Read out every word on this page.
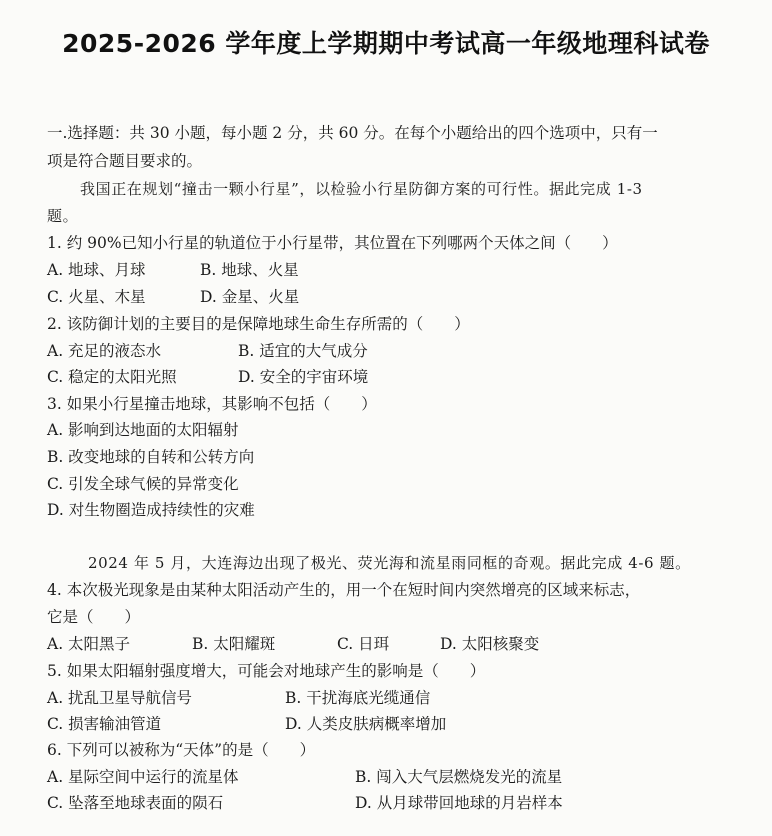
2025-2026 学年度上学期期中考试高一年级地理科试卷
一.选择题：共 30 小题，每小题 2 分，共 60 分。在每个小题给出的四个选项中，只有一
项是符合题目要求的。
我国正在规划“撞击一颗小行星”，以检验小行星防御方案的可行性。据此完成 1-3
题。
1. 约 90%已知小行星的轨道位于小行星带，其位置在下列哪两个天体之间（　　）
A. 地球、月球	B. 地球、火星
C. 火星、木星	D. 金星、火星
2. 该防御计划的主要目的是保障地球生命生存所需的（　　）
A. 充足的液态水	B. 适宜的大气成分
C. 稳定的太阳光照	D. 安全的宇宙环境
3. 如果小行星撞击地球，其影响不包括（　　）
A. 影响到达地面的太阳辐射
B. 改变地球的自转和公转方向
C. 引发全球气候的异常变化
D. 对生物圈造成持续性的灾难
2024 年 5 月，大连海边出现了极光、荧光海和流星雨同框的奇观。据此完成 4-6 题。
4. 本次极光现象是由某种太阳活动产生的，用一个在短时间内突然增亮的区域来标志，
它是（　　）
A. 太阳黑子	B. 太阳耀斑	C. 日珥	D. 太阳核聚变
5. 如果太阳辐射强度增大，可能会对地球产生的影响是（　　）
A. 扰乱卫星导航信号	B. 干扰海底光缆通信
C. 损害输油管道	D. 人类皮肤病概率增加
6. 下列可以被称为“天体”的是（　　）
A. 星际空间中运行的流星体	B. 闯入大气层燃烧发光的流星
C. 坠落至地球表面的陨石	D. 从月球带回地球的月岩样本
